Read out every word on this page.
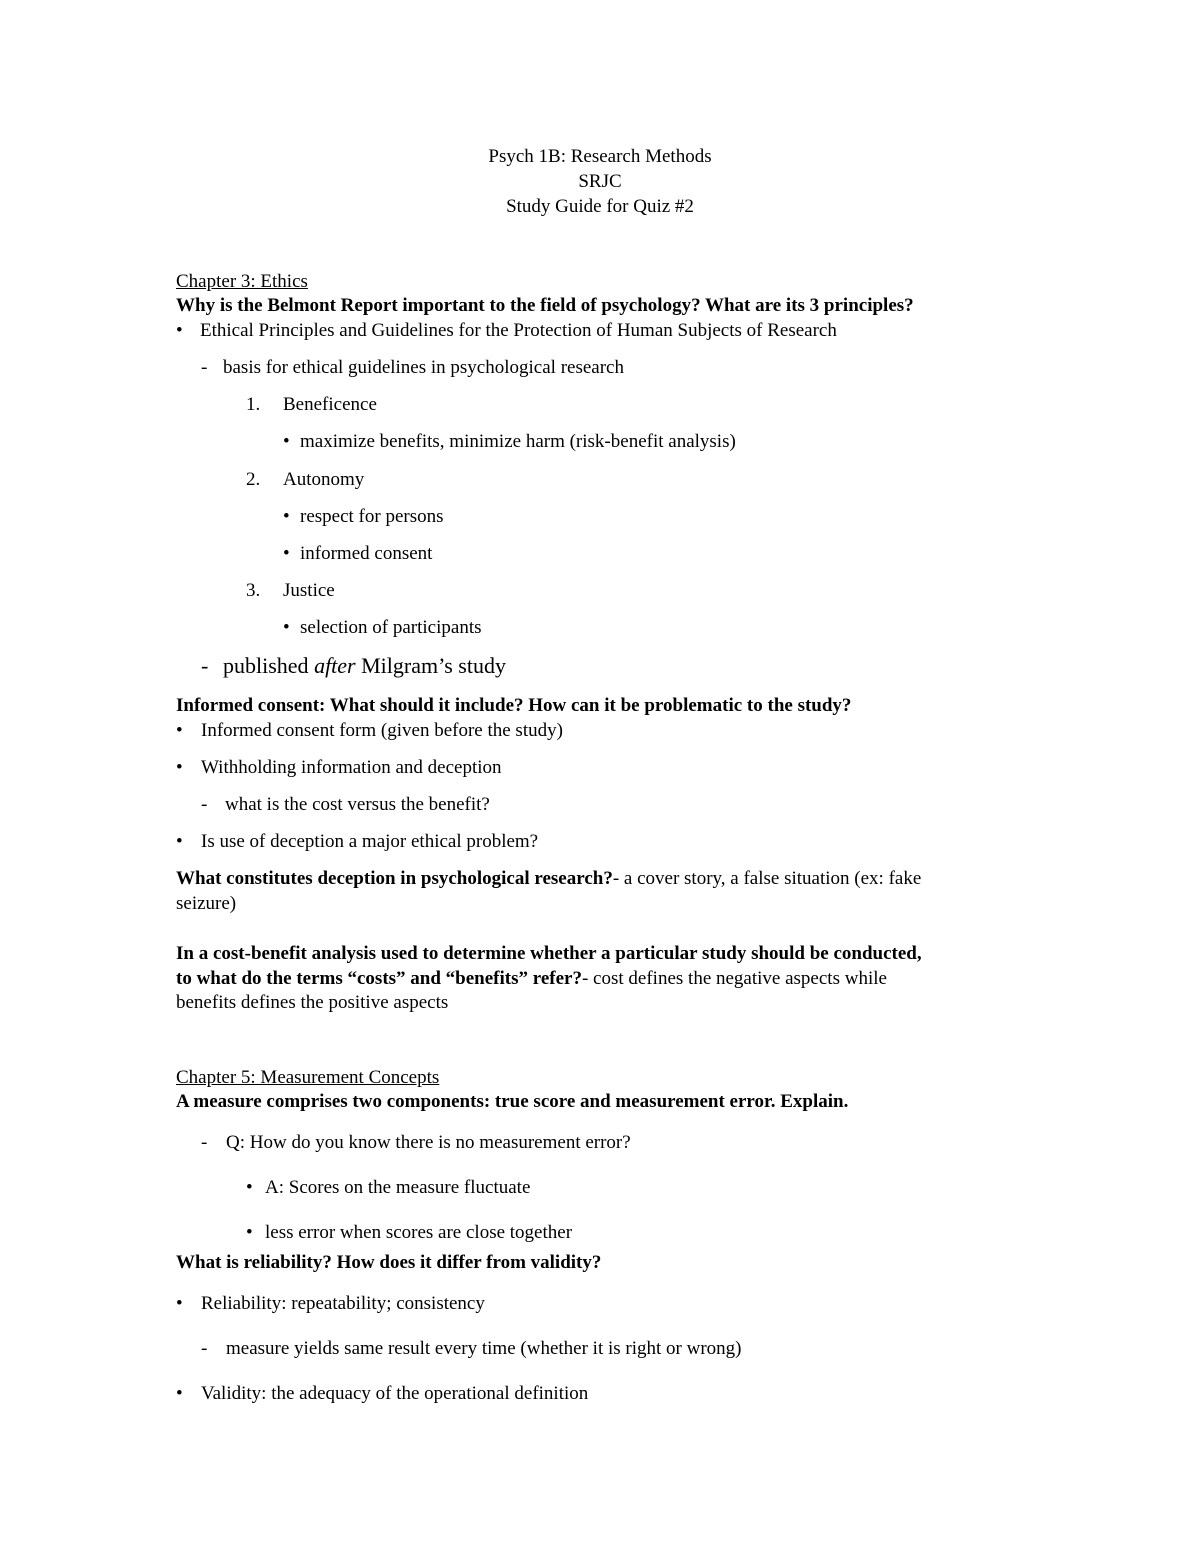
Psych 1B: Research Methods
SRJC
Study Guide for Quiz #2
Chapter 3: Ethics
Why is the Belmont Report important to the field of psychology? What are its 3 principles?
• Ethical Principles and Guidelines for the Protection of Human Subjects of Research
- basis for ethical guidelines in psychological research
1. Beneficence
• maximize benefits, minimize harm (risk-benefit analysis)
2. Autonomy
• respect for persons
• informed consent
3. Justice
• selection of participants
- published after Milgram’s study
Informed consent: What should it include? How can it be problematic to the study?
• Informed consent form (given before the study)
• Withholding information and deception
- what is the cost versus the benefit?
• Is use of deception a major ethical problem?
What constitutes deception in psychological research?- a cover story, a false situation (ex: fake
seizure)
In a cost-benefit analysis used to determine whether a particular study should be conducted,
to what do the terms “costs” and “benefits” refer?- cost defines the negative aspects while
benefits defines the positive aspects
Chapter 5: Measurement Concepts
A measure comprises two components: true score and measurement error. Explain.
- Q: How do you know there is no measurement error?
• A: Scores on the measure fluctuate
• less error when scores are close together
What is reliability? How does it differ from validity?
• Reliability: repeatability; consistency
- measure yields same result every time (whether it is right or wrong)
• Validity: the adequacy of the operational definition
